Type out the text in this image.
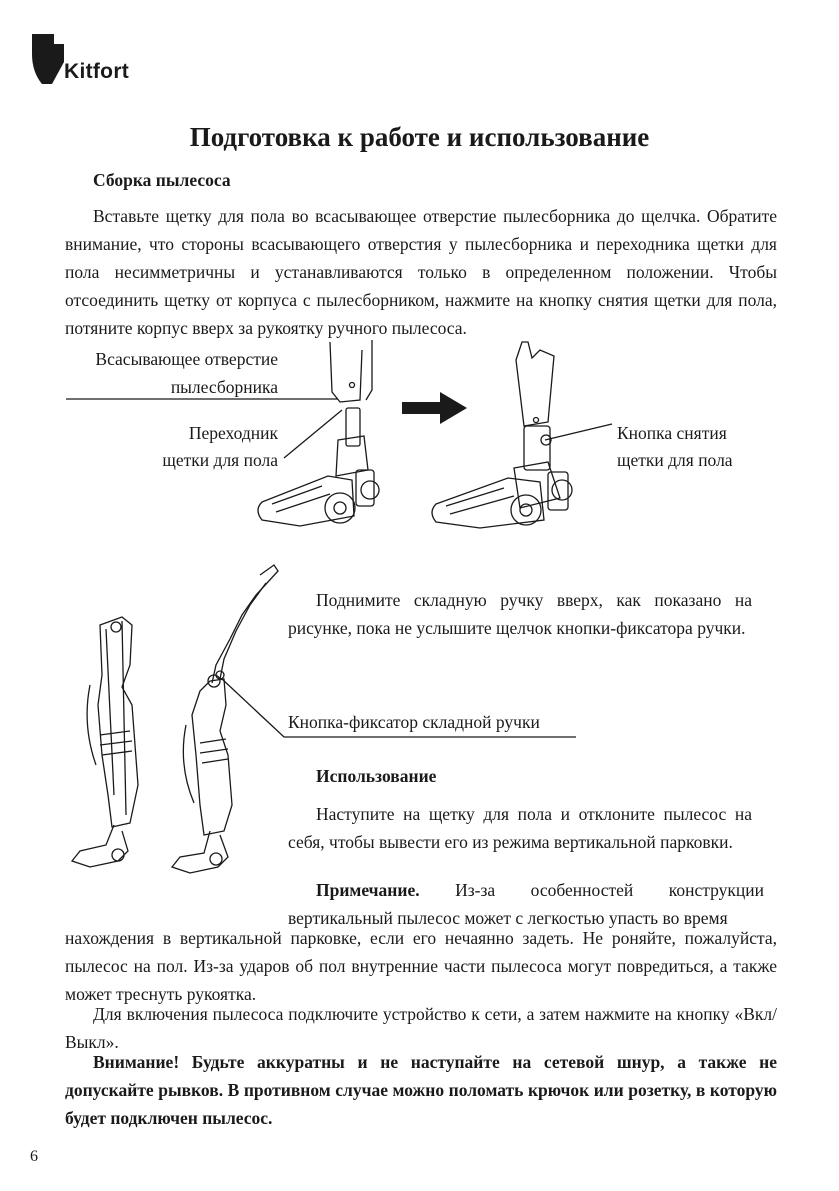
Kitfort
Подготовка к работе и использование
Сборка пылесоса

Вставьте щетку для пола во всасывающее отверстие пылесборника до щелчка. Обратите внимание, что стороны всасывающего отверстия у пылесборника и переходника щетки для пола несимметричны и устанавливаются только в определенном положении. Чтобы отсоединить щетку от корпуса с пылесборником, нажмите на кнопку снятия щетки для пола, потяните корпус вверх за рукоятку ручного пылесоса.

Всасывающее отверстие
пылесборника
Переходник
щетки для пола
Кнопка снятия
щетки для пола

Поднимите складную ручку вверх, как показано на рисунке, пока не услышите щелчок кнопки-фиксатора ручки.

Кнопка-фиксатор складной ручки
Использование

Наступите на щетку для пола и отклоните пылесос на себя, чтобы вывести его из режима вертикальной парковки.

Примечание. Из-за особенностей конструкции вертикальный пылесос может с легкостью упасть во время

нахождения в вертикальной парковке, если его нечаянно задеть. Не роняйте, пожалуйста, пылесос на пол. Из-за ударов об пол внутренние части пылесоса могут повредиться, а также может треснуть рукоятка.

Для включения пылесоса подключите устройство к сети, а затем нажмите на кнопку «Вкл/Выкл».

Внимание! Будьте аккуратны и не наступайте на сетевой шнур, а также не допускайте рывков. В противном случае можно поломать крючок или розетку, в которую будет подключен пылесос.

6
